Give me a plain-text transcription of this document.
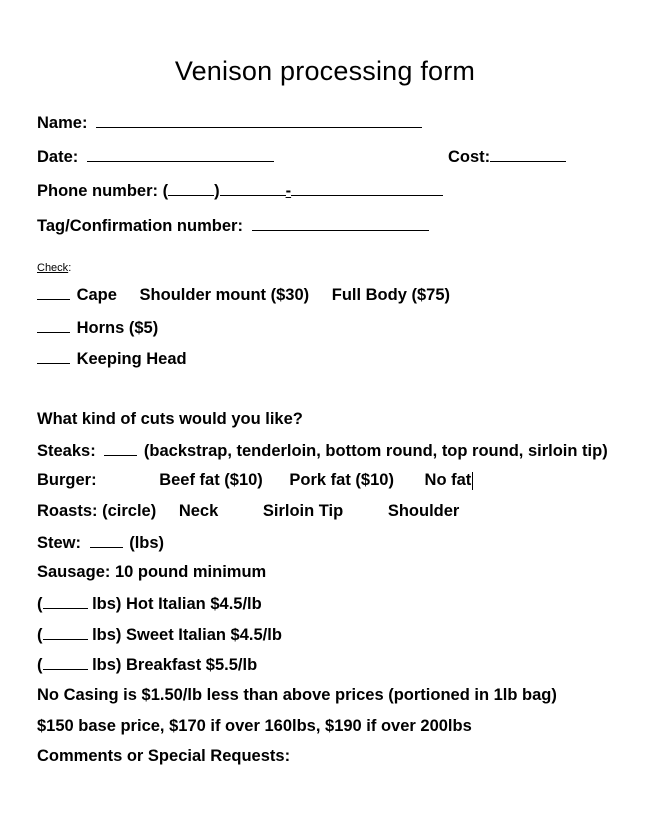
Venison processing form
Name:
Date:	Cost:
Phone number: (	)	-
Tag/Confirmation number:
Check:
Cape Shoulder mount ($30) Full Body ($75)
Horns ($5)
Keeping Head
What kind of cuts would you like?
Steaks:	(backstrap, tenderloin, bottom round, top round, sirloin tip)
Burger:	Beef fat ($10) Pork fat ($10) No fat
Roasts: (circle) Neck	Sirloin Tip	Shoulder
Stew:	(lbs)
Sausage: 10 pound minimum
(	lbs) Hot Italian $4.5/lb
(	lbs) Sweet Italian $4.5/lb
(	lbs) Breakfast $5.5/lb
No Casing is $1.50/lb less than above prices (portioned in 1lb bag)
$150 base price, $170 if over 160lbs, $190 if over 200lbs
Comments or Special Requests:
